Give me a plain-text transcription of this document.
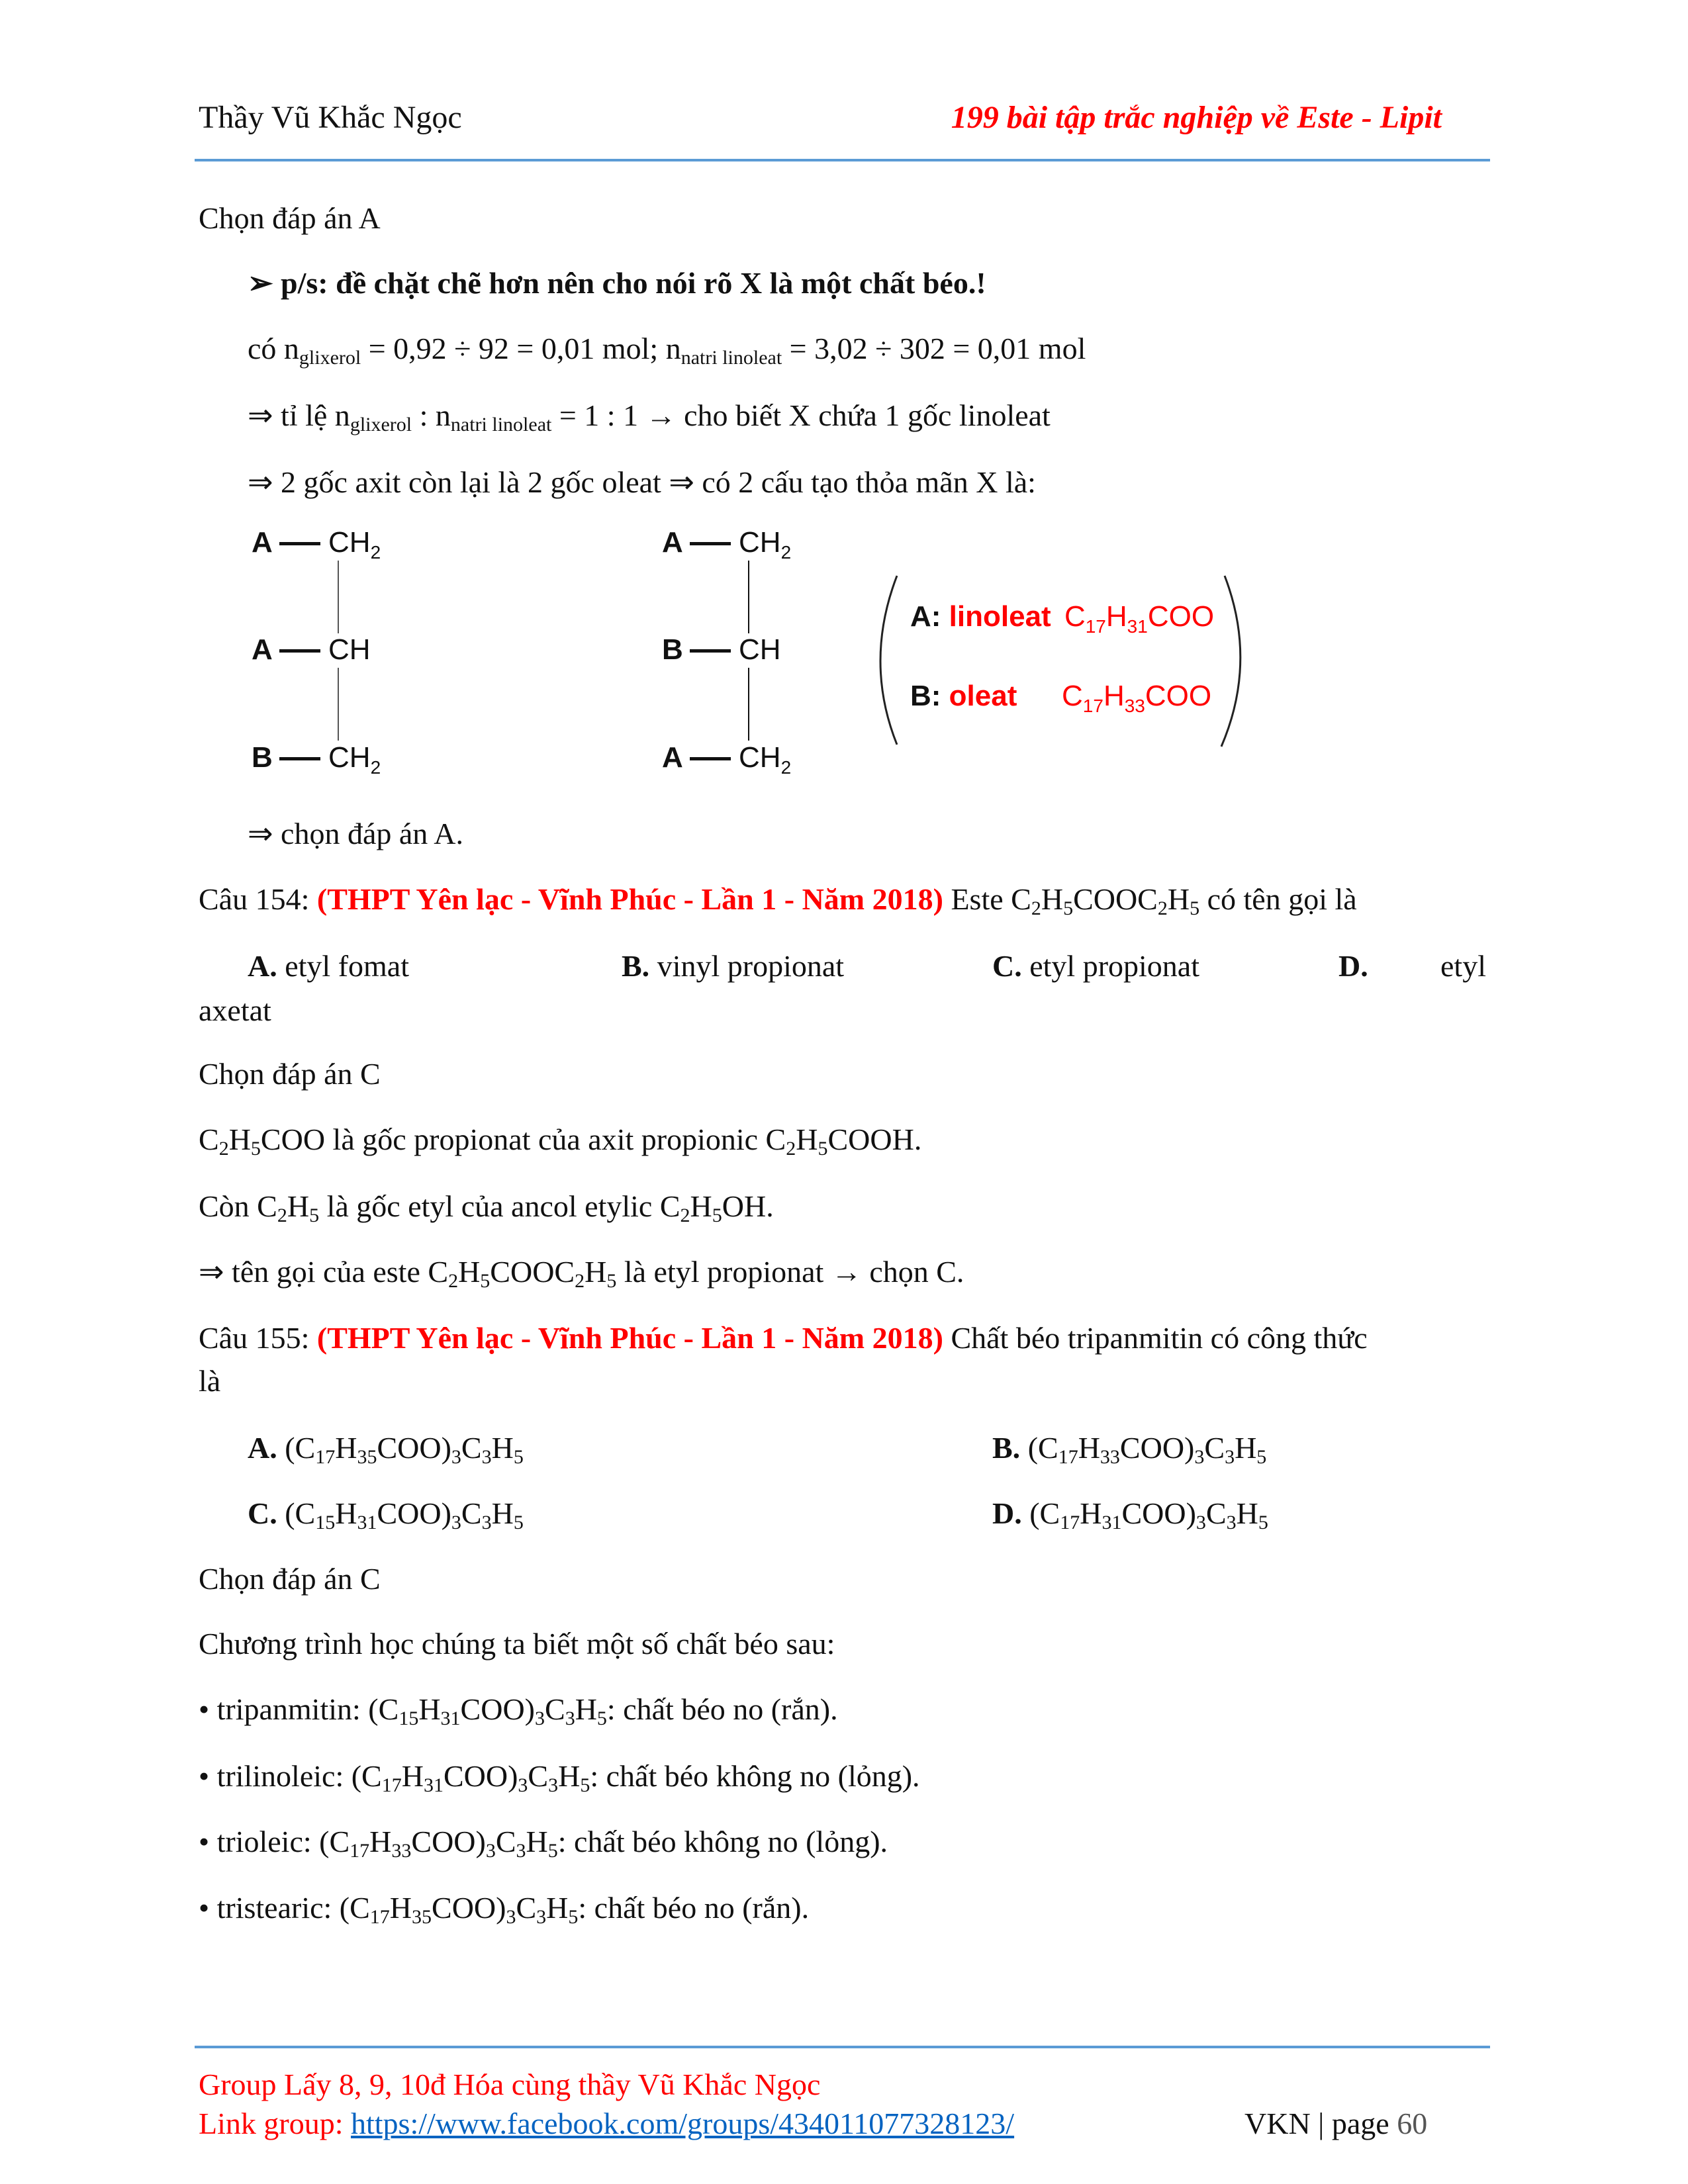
Thầy Vũ Khắc Ngọc	199 bài tập trắc nghiệp về Este - Lipit
Chọn đáp án A
➢ p/s: đề chặt chẽ hơn nên cho nói rõ X là một chất béo.!
có nglixerol = 0,92 ÷ 92 = 0,01 mol; nnatri linoleat = 3,02 ÷ 302 = 0,01 mol
⇒ tỉ lệ nglixerol : nnatri linoleat = 1 : 1 → cho biết X chứa 1 gốc linoleat
⇒ 2 gốc axit còn lại là 2 gốc oleat ⇒ có 2 cấu tạo thỏa mãn X là:
A $CH_2$
A CH
B $CH_2$
A $CH_2$
B CH
A $CH_2$
A: linoleat $C_{17}H_{31}COO$
B: oleat $C_{17}H_{33}COO$
⇒ chọn đáp án A.
Câu 154: (THPT Yên lạc - Vĩnh Phúc - Lần 1 - Năm 2018) Este C2H5COOC2H5 có tên gọi là
A. etyl fomat	B. vinyl propionat	C. etyl propionat	D. etyl
axetat
Chọn đáp án C
C2H5COO là gốc propionat của axit propionic C2H5COOH.
Còn C2H5 là gốc etyl của ancol etylic C2H5OH.
⇒ tên gọi của este C2H5COOC2H5 là etyl propionat → chọn C.
Câu 155: (THPT Yên lạc - Vĩnh Phúc - Lần 1 - Năm 2018) Chất béo tripanmitin có công thức
là
A. (C17H35COO)3C3H5	B. (C17H33COO)3C3H5
C. (C15H31COO)3C3H5	D. (C17H31COO)3C3H5
Chọn đáp án C
Chương trình học chúng ta biết một số chất béo sau:
• tripanmitin: (C15H31COO)3C3H5: chất béo no (rắn).
• trilinoleic: (C17H31COO)3C3H5: chất béo không no (lỏng).
• trioleic: (C17H33COO)3C3H5: chất béo không no (lỏng).
• tristearic: (C17H35COO)3C3H5: chất béo no (rắn).
Group Lấy 8, 9, 10đ Hóa cùng thầy Vũ Khắc Ngọc
Link group: https://www.facebook.com/groups/434011077328123/	VKN | page 60
